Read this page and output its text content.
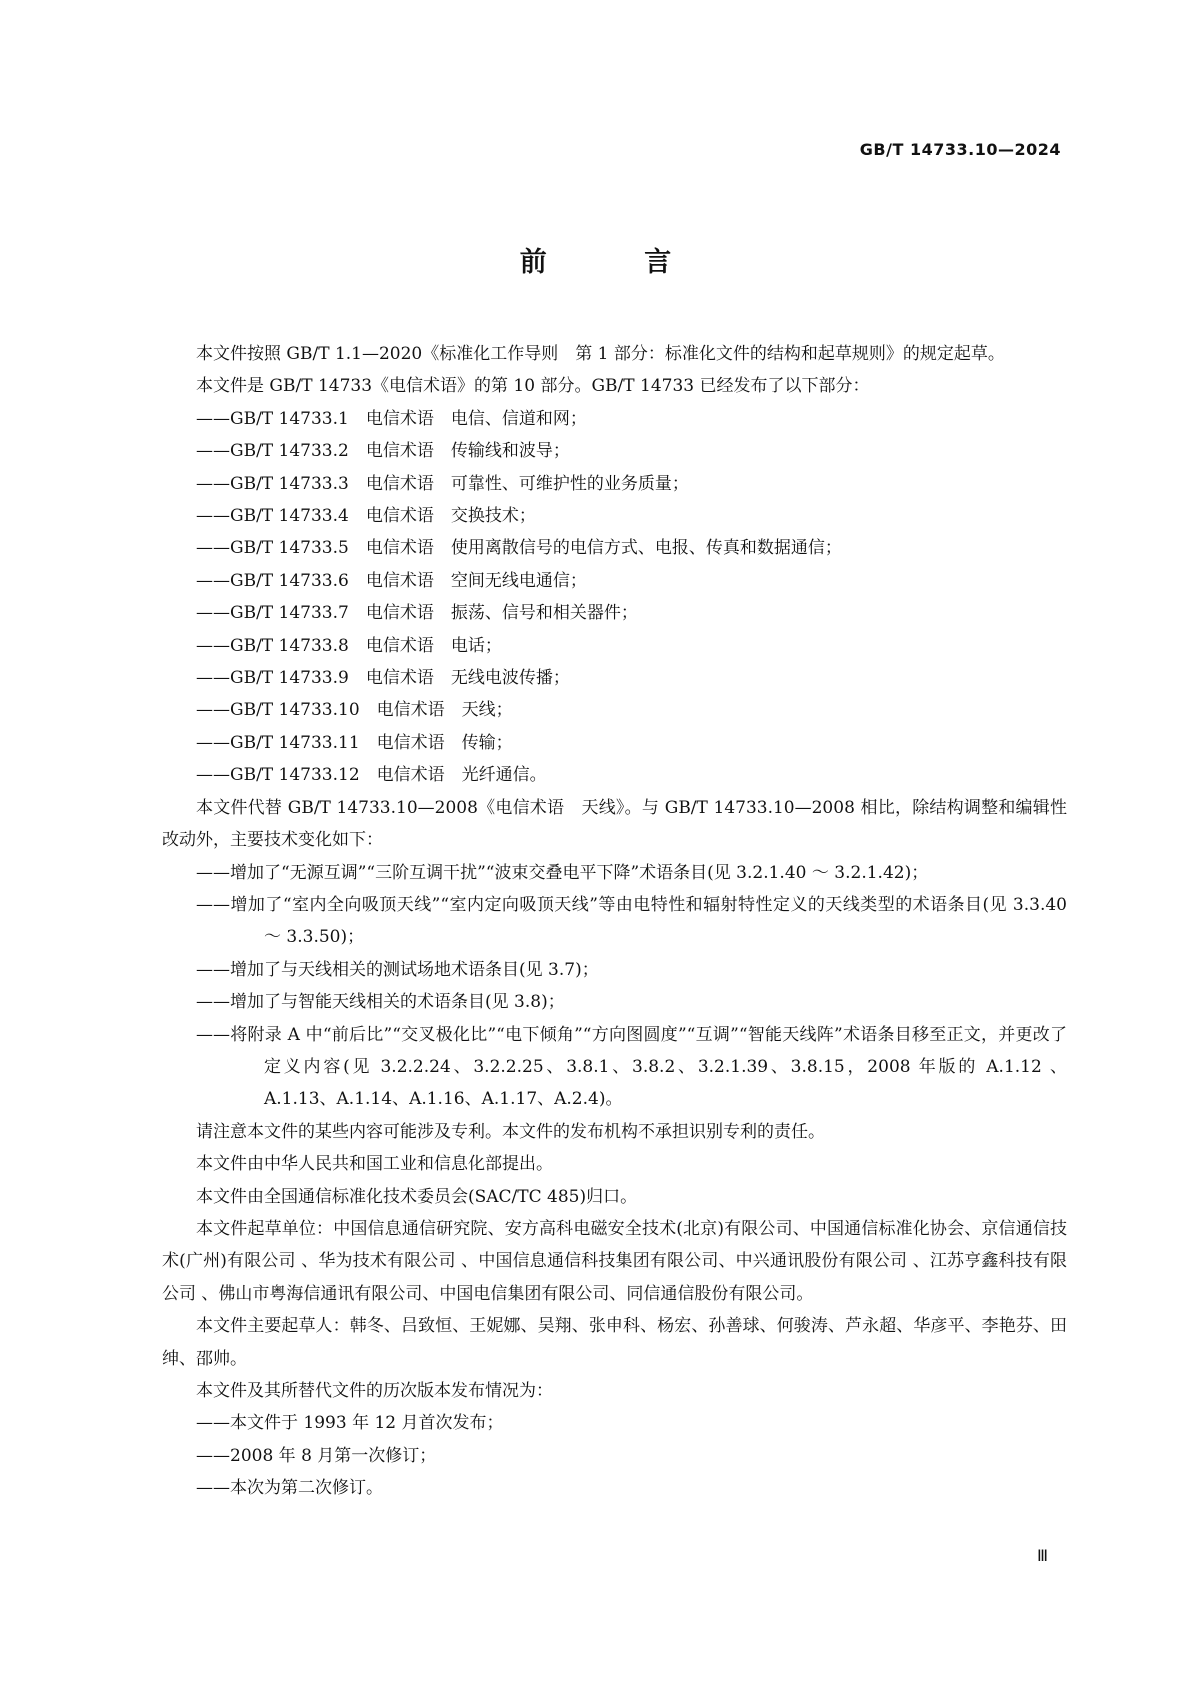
GB/T 14733.10—2024
前 言

本文件按照 GB/T 1.1—2020《标准化工作导则　第 1 部分：标准化文件的结构和起草规则》的规定起草。

本文件是 GB/T 14733《电信术语》的第 10 部分。GB/T 14733 已经发布了以下部分：

——GB/T 14733.1　电信术语　电信、信道和网；

——GB/T 14733.2　电信术语　传输线和波导；

——GB/T 14733.3　电信术语　可靠性、可维护性的业务质量；

——GB/T 14733.4　电信术语　交换技术；

——GB/T 14733.5　电信术语　使用离散信号的电信方式、电报、传真和数据通信；

——GB/T 14733.6　电信术语　空间无线电通信；

——GB/T 14733.7　电信术语　振荡、信号和相关器件；

——GB/T 14733.8　电信术语　电话；

——GB/T 14733.9　电信术语　无线电波传播；

——GB/T 14733.10　电信术语　天线；

——GB/T 14733.11　电信术语　传输；

——GB/T 14733.12　电信术语　光纤通信。

本文件代替 GB/T 14733.10—2008《电信术语　天线》。与 GB/T 14733.10—2008 相比，除结构调整和编辑性改动外，主要技术变化如下：

——增加了“无源互调”“三阶互调干扰”“波束交叠电平下降”术语条目(见 3.2.1.40 ～ 3.2.1.42)；

——增加了“室内全向吸顶天线”“室内定向吸顶天线”等由电特性和辐射特性定义的天线类型的术语条目(见 3.3.40 ～ 3.3.50)；

——增加了与天线相关的测试场地术语条目(见 3.7)；

——增加了与智能天线相关的术语条目(见 3.8)；

——将附录 A 中“前后比”“交叉极化比”“电下倾角”“方向图圆度”“互调”“智能天线阵”术语条目移至正文，并更改了定义内容(见 3.2.2.24、3.2.2.25、3.8.1、3.8.2、3.2.1.39、3.8.15，2008 年版的 A.1.12 、A.1.13、A.1.14、A.1.16、A.1.17、A.2.4)。

请注意本文件的某些内容可能涉及专利。本文件的发布机构不承担识别专利的责任。

本文件由中华人民共和国工业和信息化部提出。

本文件由全国通信标准化技术委员会(SAC/TC 485)归口。

本文件起草单位：中国信息通信研究院、安方高科电磁安全技术(北京)有限公司、中国通信标准化协会、京信通信技术(广州)有限公司 、华为技术有限公司 、中国信息通信科技集团有限公司、中兴通讯股份有限公司 、江苏亨鑫科技有限公司 、佛山市粤海信通讯有限公司、中国电信集团有限公司、同信通信股份有限公司。

本文件主要起草人：韩冬、吕致恒、王妮娜、吴翔、张申科、杨宏、孙善球、何骏涛、芦永超、华彦平、李艳芬、田绅、邵帅。

本文件及其所替代文件的历次版本发布情况为：

——本文件于 1993 年 12 月首次发布；

——2008 年 8 月第一次修订；

——本次为第二次修订。

Ⅲ
